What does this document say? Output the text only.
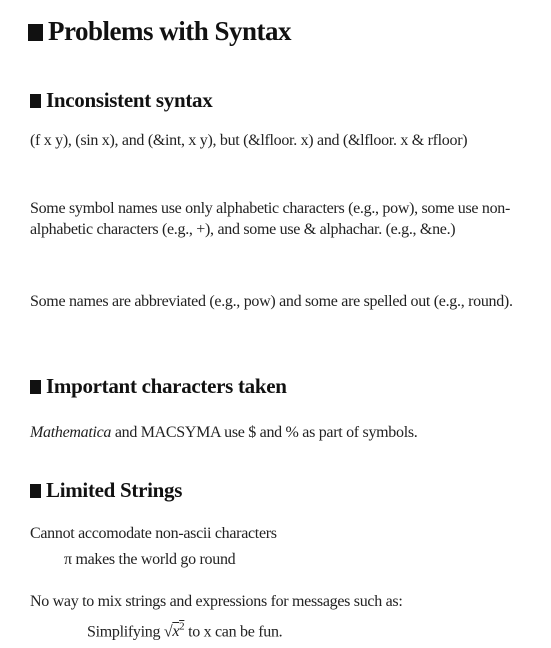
Problems with Syntax
Inconsistent syntax
(f x y), (sin x), and (&int, x y), but (&lfloor. x) and (&lfloor. x & rfloor)
Some symbol names use only alphabetic characters (e.g., pow), some use non-alphabetic characters (e.g., +), and some use & alphachar. (e.g., &ne.)
Some names are abbreviated (e.g., pow) and some are spelled out (e.g., round).
Important characters taken
Mathematica and MACSYMA use $ and % as part of symbols.
Limited Strings
Cannot accomodate non-ascii characters
π makes the world go round
No way to mix strings and expressions for messages such as:
Simplifying $√x^2$ to x can be fun.
